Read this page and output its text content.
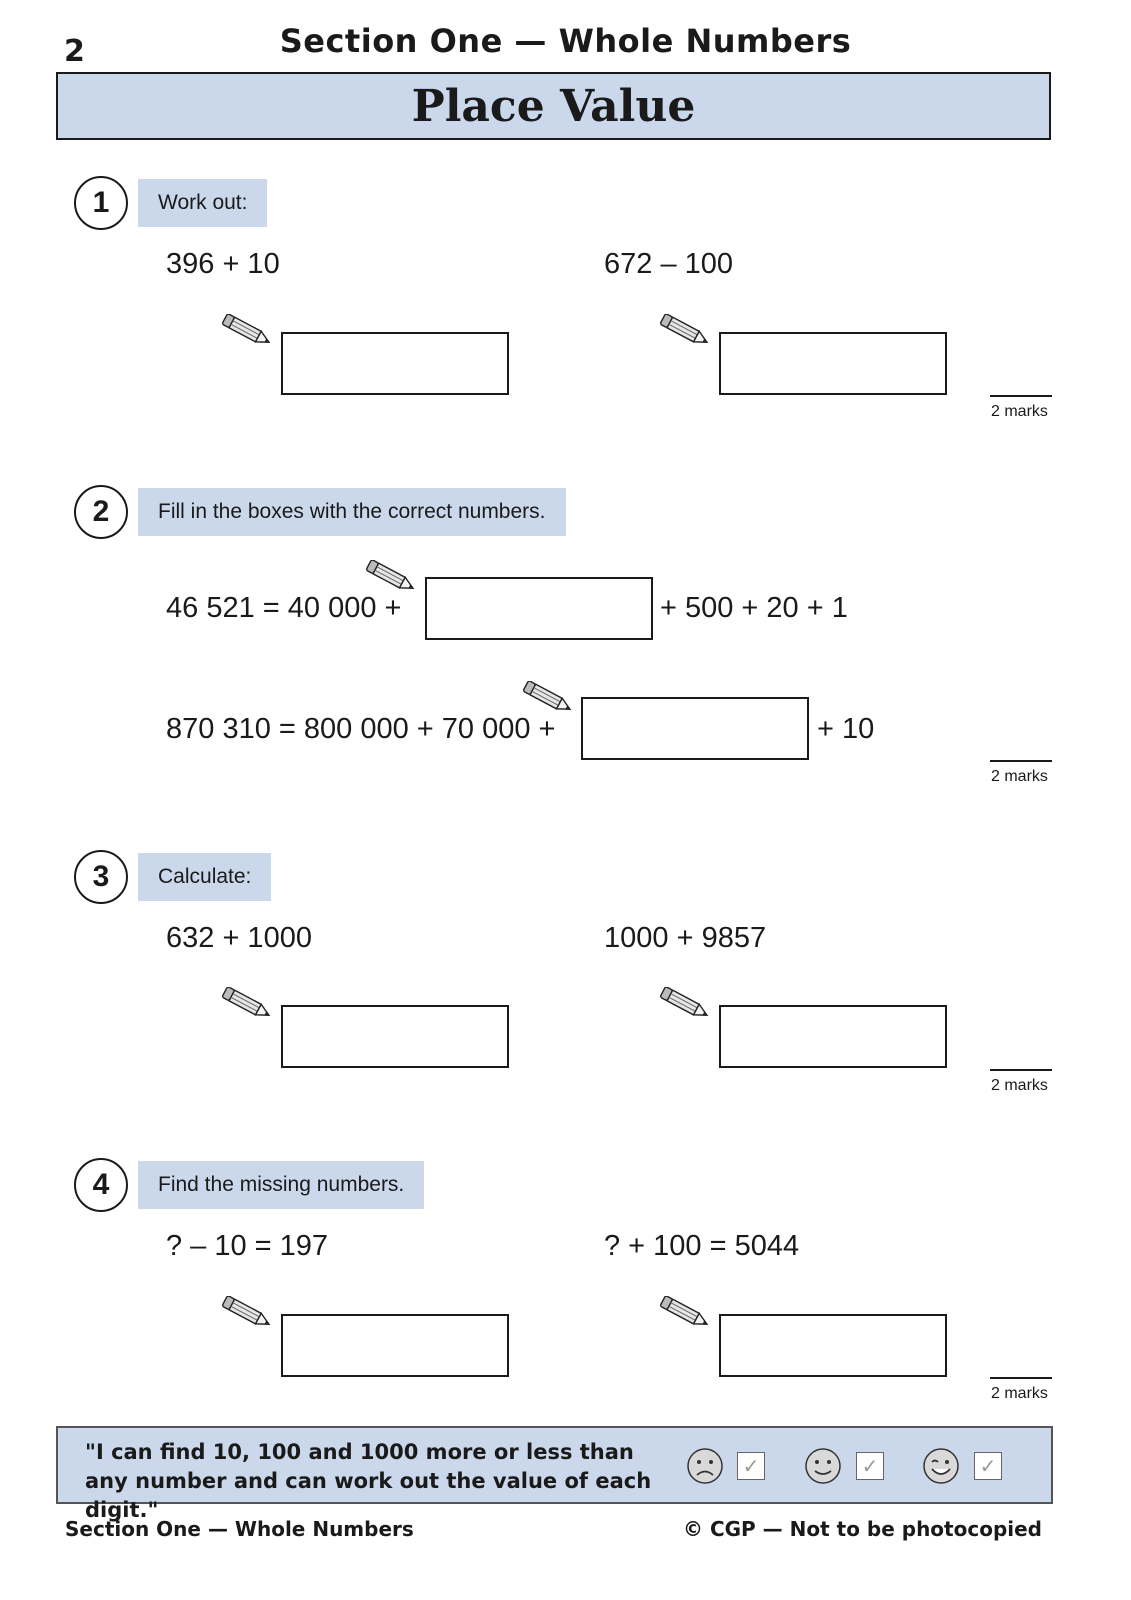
2	Section One — Whole Numbers
Place Value
1	Work out:
396 + 10	672 – 100
2 marks
2	Fill in the boxes with the correct numbers.
46 521 = 40 000 +	+ 500 + 20 + 1
870 310 = 800 000 + 70 000 +	+ 10
2 marks
3	Calculate:
632 + 1000	1000 + 9857
2 marks
4	Find the missing numbers.
? – 10 = 197	? + 100 = 5044
2 marks
"I can find 10, 100 and 1000 more or less than any number and can work out the value of each digit."
✓	✓	✓
Section One — Whole Numbers	© CGP — Not to be photocopied
